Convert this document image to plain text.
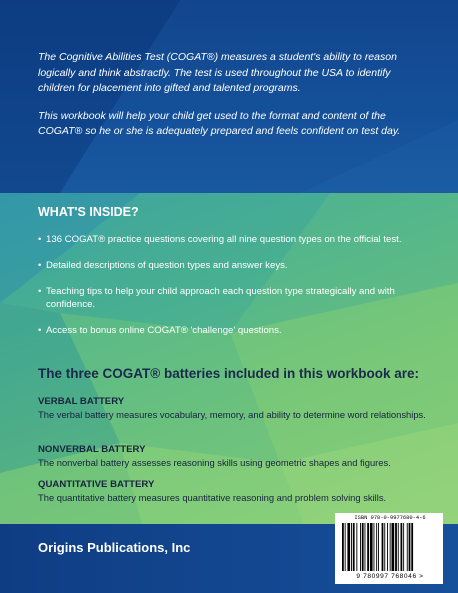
The Cognitive Abilities Test (COGAT®) measures a student's ability to reason logically and think abstractly. The test is used throughout the USA to identify children for placement into gifted and talented programs.

This workbook will help your child get used to the format and content of the COGAT® so he or she is adequately prepared and feels confident on test day.

WHAT'S INSIDE?
• 136 COGAT® practice questions covering all nine question types on the official test.
• Detailed descriptions of question types and answer keys.
• Teaching tips to help your child approach each question type strategically and with confidence.
• Access to bonus online COGAT® 'challenge' questions.
The three COGAT® batteries included in this workbook are:
VERBAL BATTERY
The verbal battery measures vocabulary, memory, and ability to determine word relationships.
NONVERBAL BATTERY
The nonverbal battery assesses reasoning skills using geometric shapes and figures.
QUANTITATIVE BATTERY
The quantitative battery measures quantitative reasoning and problem solving skills.
Origins Publications, Inc
ISBN 978-0-9977680-4-6
9 780997 768046 >
